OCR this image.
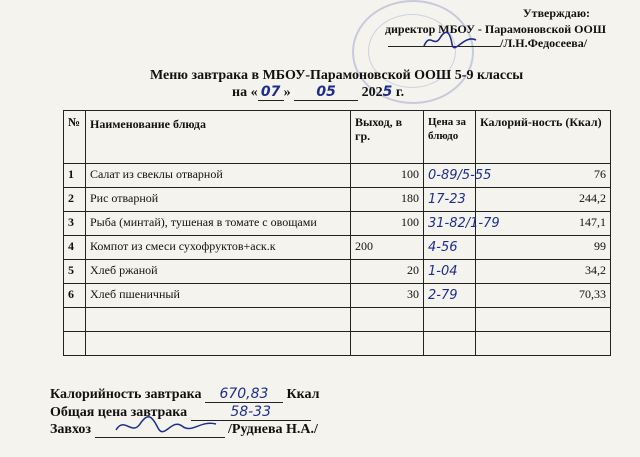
Утверждаю:
директор МБОУ - Парамоновской ООШ
/Л.Н.Федосеева/
Меню завтрака в МБОУ-Парамоновской ООШ 5-9 классы
на « 07 » 05 2025 г.
№	Наименование блюда	Выход, в гр.	Цена за блюдо	Калорий-ность (Ккал)
1	Салат из свеклы отварной	100	0-89/5-55	76
2	Рис отварной	180	17-23	244,2
3	Рыба (минтай), тушеная в томате с овощами	100	31-82/1-79	147,1
4	Компот из смеси сухофруктов+аск.к	200	4-56	99
5	Хлеб ржаной	20	1-04	34,2
6	Хлеб пшеничный	30	2-79	70,33

Калорийность завтрака 670,83 Ккал
Общая цена завтрака	58-33
Завхоз	/Руднева Н.А./
